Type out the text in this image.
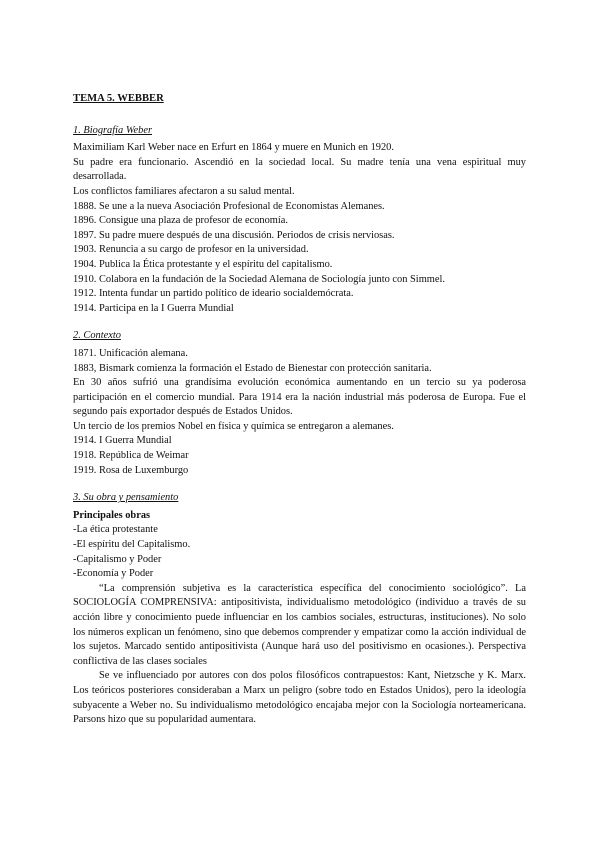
TEMA 5. WEBBER

1. Biografía Weber

Maximiliam Karl Weber nace en Erfurt en 1864 y muere en Munich en 1920.

Su padre era funcionario. Ascendió en la sociedad local. Su madre tenía una vena espiritual muy desarrollada.

Los conflictos familiares afectaron a su salud mental.

1888. Se une a la nueva Asociación Profesional de Economistas Alemanes.

1896. Consigue una plaza de profesor de economía.

1897. Su padre muere después de una discusión. Periodos de crisis nerviosas.

1903. Renuncia a su cargo de profesor en la universidad.

1904. Publica la Ética protestante y el espíritu del capitalismo.

1910. Colabora en la fundación de la Sociedad Alemana de Sociología junto con Simmel.

1912. Intenta fundar un partido político de ideario socialdemócrata.

1914. Participa en la I Guerra Mundial

2. Contexto

1871. Unificación alemana.

1883, Bismark comienza la formación el Estado de Bienestar con protección sanitaria.

En 30 años sufrió una grandísima evolución económica aumentando en un tercio su ya poderosa participación en el comercio mundial. Para 1914 era la nación industrial más poderosa de Europa. Fue el segundo país exportador después de Estados Unidos.

Un tercio de los premios Nobel en física y química se entregaron a alemanes.

1914. I Guerra Mundial

1918. República de Weimar

1919. Rosa de Luxemburgo

3. Su obra y pensamiento

Principales obras

-La ética protestante

-El espíritu del Capitalismo.

-Capitalismo y Poder

-Economía y Poder

“La comprensión subjetiva es la característica específica del conocimiento sociológico”. La SOCIOLOGÍA COMPRENSIVA: antipositivista, individualismo metodológico (individuo a través de su acción libre y conocimiento puede influenciar en los cambios sociales, estructuras, instituciones). No solo los números explican un fenómeno, sino que debemos comprender y empatizar como la acción individual de los sujetos. Marcado sentido antipositivista (Aunque hará uso del positivismo en ocasiones.). Perspectiva conflictiva de las clases sociales

Se ve influenciado por autores con dos polos filosóficos contrapuestos: Kant, Nietzsche y K. Marx. Los teóricos posteriores consideraban a Marx un peligro (sobre todo en Estados Unidos), pero la ideología subyacente a Weber no. Su individualismo metodológico encajaba mejor con la Sociología norteamericana. Parsons hizo que su popularidad aumentara.
